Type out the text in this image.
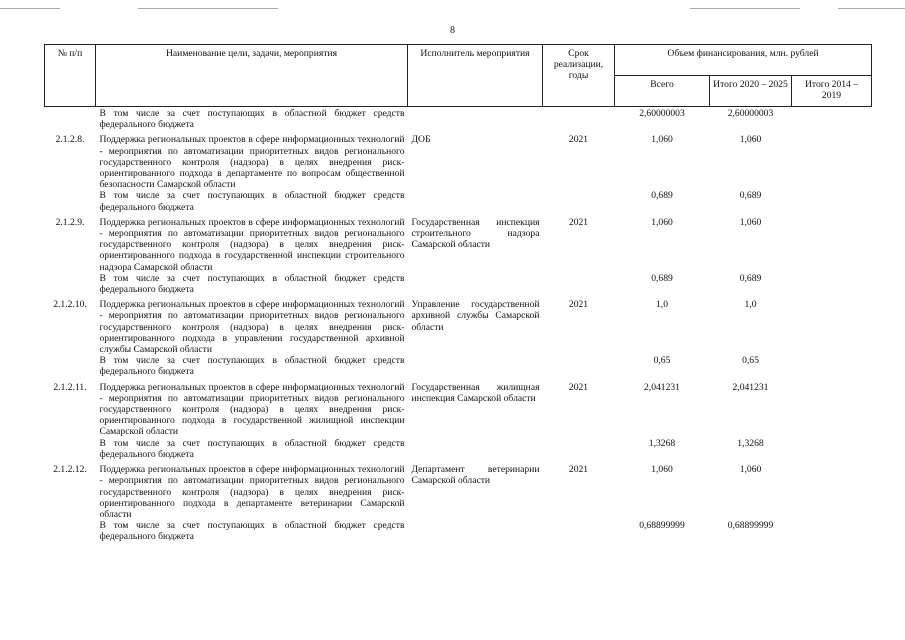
8
№ п/п	Наименование цели, задачи, мероприятия	Исполнитель мероприятия	Срок реализации, годы	Объем финансирования, млн. рублей		
				Всего	Итого 2020 – 2025	Итого 2014 – 2019
	В том числе за счет поступающих в областной бюджет средств федерального бюджета			2,60000003	2,60000003	
2.1.2.8.	Поддержка региональных проектов в сфере информационных технологий - мероприятия по автоматизации приоритетных видов регионального государственного контроля (надзора) в целях внедрения риск-ориентированного подхода в департаменте по вопросам общественной безопасности Самарской области	ДОБ	2021	1,060	1,060	
	В том числе за счет поступающих в областной бюджет средств федерального бюджета			0,689	0,689	
2.1.2.9.	Поддержка региональных проектов в сфере информационных технологий - мероприятия по автоматизации приоритетных видов регионального государственного контроля (надзора) в целях внедрения риск-ориентированного подхода в государственной инспекции строительного надзора Самарской области	Государственная инспекция строительного надзора Самарской области	2021	1,060	1,060	
	В том числе за счет поступающих в областной бюджет средств федерального бюджета			0,689	0,689	
2.1.2.10.	Поддержка региональных проектов в сфере информационных технологий - мероприятия по автоматизации приоритетных видов регионального государственного контроля (надзора) в целях внедрения риск-ориентированного подхода в управлении государственной архивной службы Самарской области	Управление государственной архивной службы Самарской области	2021	1,0	1,0	
	В том числе за счет поступающих в областной бюджет средств федерального бюджета			0,65	0,65	
2.1.2.11.	Поддержка региональных проектов в сфере информационных технологий - мероприятия по автоматизации приоритетных видов регионального государственного контроля (надзора) в целях внедрения риск-ориентированного подхода в государственной жилищной инспекции Самарской области	Государственная жилищная инспекция Самарской области	2021	2,041231	2,041231	
	В том числе за счет поступающих в областной бюджет средств федерального бюджета			1,3268	1,3268	
2.1.2.12.	Поддержка региональных проектов в сфере информационных технологий - мероприятия по автоматизации приоритетных видов регионального государственного контроля (надзора) в целях внедрения риск-ориентированного подхода в департаменте ветеринарии Самарской области	Департамент ветеринарии Самарской области	2021	1,060	1,060	
	В том числе за счет поступающих в областной бюджет средств федерального бюджета			0,68899999	0,68899999	
